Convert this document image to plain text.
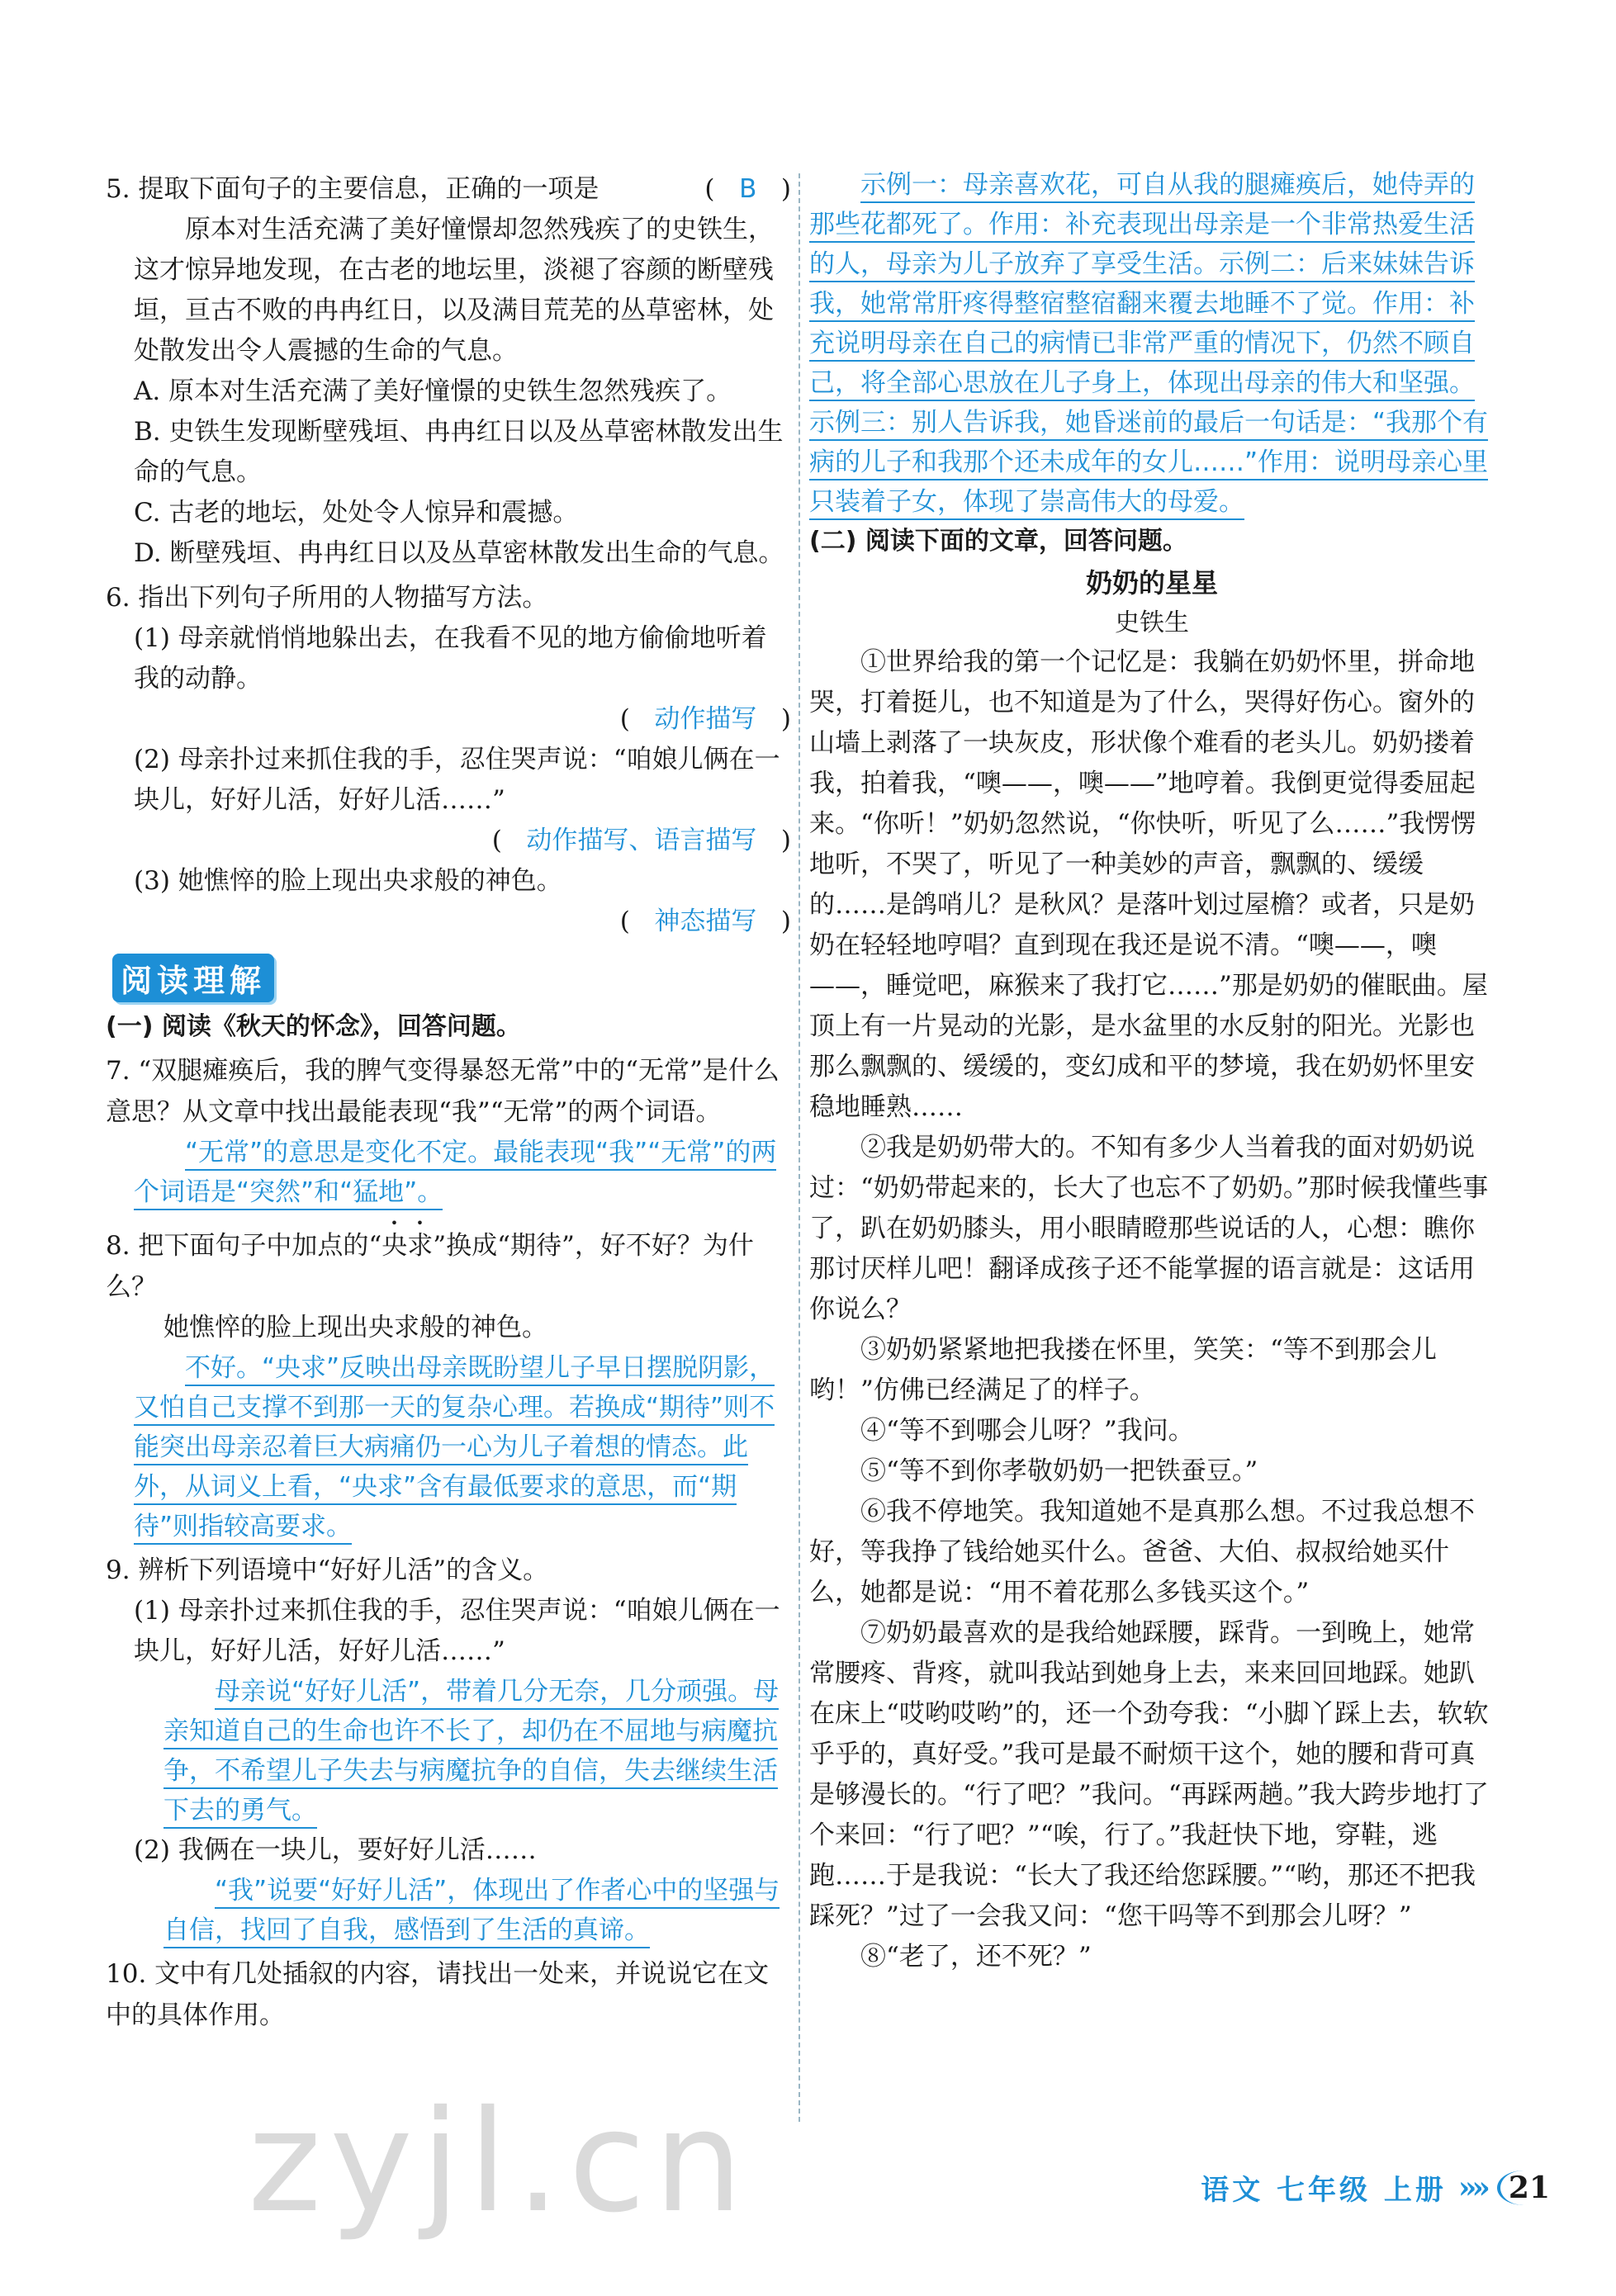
zyjl.cn

5. 提取下面句子的主要信息，正确的一项是	(   B   )

原本对生活充满了美好憧憬却忽然残疾了的史铁生，这才惊异地发现，在古老的地坛里，淡褪了容颜的断壁残垣，亘古不败的冉冉红日，以及满目荒芜的丛草密林，处处散发出令人震撼的生命的气息。

A. 原本对生活充满了美好憧憬的史铁生忽然残疾了。

B. 史铁生发现断壁残垣、冉冉红日以及丛草密林散发出生命的气息。

C. 古老的地坛，处处令人惊异和震撼。

D. 断壁残垣、冉冉红日以及丛草密林散发出生命的气息。

6. 指出下列句子所用的人物描写方法。

(1) 母亲就悄悄地躲出去，在我看不见的地方偷偷地听着我的动静。

(   动作描写   )

(2) 母亲扑过来抓住我的手，忍住哭声说：“咱娘儿俩在一块儿，好好儿活，好好儿活……”

(   动作描写、语言描写   )

(3) 她憔悴的脸上现出央求般的神色。

(   神态描写   )

阅读理解

(一) 阅读《秋天的怀念》，回答问题。

7. “双腿瘫痪后，我的脾气变得暴怒无常”中的“无常”是什么意思？从文章中找出最能表现“我”“无常”的两个词语。

“无常”的意思是变化不定。最能表现“我”“无常”的两个词语是“突然”和“猛地”。

8. 把下面句子中加点的“央求”换成“期待”，好不好？为什么？

她憔悴的脸上现出央求般的神色。

不好。“央求”反映出母亲既盼望儿子早日摆脱阴影，又怕自己支撑不到那一天的复杂心理。若换成“期待”则不能突出母亲忍着巨大病痛仍一心为儿子着想的情态。此外，从词义上看，“央求”含有最低要求的意思，而“期待”则指较高要求。

9. 辨析下列语境中“好好儿活”的含义。

(1) 母亲扑过来抓住我的手，忍住哭声说：“咱娘儿俩在一块儿，好好儿活，好好儿活……”

母亲说“好好儿活”，带着几分无奈，几分顽强。母亲知道自己的生命也许不长了，却仍在不屈地与病魔抗争，不希望儿子失去与病魔抗争的自信，失去继续生活下去的勇气。

(2) 我俩在一块儿，要好好儿活……

“我”说要“好好儿活”，体现出了作者心中的坚强与自信，找回了自我，感悟到了生活的真谛。

10. 文中有几处插叙的内容，请找出一处来，并说说它在文中的具体作用。

示例一：母亲喜欢花，可自从我的腿瘫痪后，她侍弄的那些花都死了。作用：补充表现出母亲是一个非常热爱生活的人，母亲为儿子放弃了享受生活。示例二：后来妹妹告诉我，她常常肝疼得整宿整宿翻来覆去地睡不了觉。作用：补充说明母亲在自己的病情已非常严重的情况下，仍然不顾自己，将全部心思放在儿子身上，体现出母亲的伟大和坚强。示例三：别人告诉我，她昏迷前的最后一句话是：“我那个有病的儿子和我那个还未成年的女儿……”作用：说明母亲心里只装着子女，体现了崇高伟大的母爱。

(二) 阅读下面的文章，回答问题。

奶奶的星星

史铁生

①世界给我的第一个记忆是：我躺在奶奶怀里，拼命地哭，打着挺儿，也不知道是为了什么，哭得好伤心。窗外的山墙上剥落了一块灰皮，形状像个难看的老头儿。奶奶搂着我，拍着我，“噢——，噢——”地哼着。我倒更觉得委屈起来。“你听！”奶奶忽然说，“你快听，听见了么……”我愣愣地听，不哭了，听见了一种美妙的声音，飘飘的、缓缓的……是鸽哨儿？是秋风？是落叶划过屋檐？或者，只是奶奶在轻轻地哼唱？直到现在我还是说不清。“噢——，噢——，睡觉吧，麻猴来了我打它……”那是奶奶的催眠曲。屋顶上有一片晃动的光影，是水盆里的水反射的阳光。光影也那么飘飘的、缓缓的，变幻成和平的梦境，我在奶奶怀里安稳地睡熟……

②我是奶奶带大的。不知有多少人当着我的面对奶奶说过：“奶奶带起来的，长大了也忘不了奶奶。”那时候我懂些事了，趴在奶奶膝头，用小眼睛瞪那些说话的人，心想：瞧你那讨厌样儿吧！翻译成孩子还不能掌握的语言就是：这话用你说么？

③奶奶紧紧地把我搂在怀里，笑笑：“等不到那会儿哟！”仿佛已经满足了的样子。

④“等不到哪会儿呀？”我问。

⑤“等不到你孝敬奶奶一把铁蚕豆。”

⑥我不停地笑。我知道她不是真那么想。不过我总想不好，等我挣了钱给她买什么。爸爸、大伯、叔叔给她买什么，她都是说：“用不着花那么多钱买这个。”

⑦奶奶最喜欢的是我给她踩腰，踩背。一到晚上，她常常腰疼、背疼，就叫我站到她身上去，来来回回地踩。她趴在床上“哎哟哎哟”的，还一个劲夸我：“小脚丫踩上去，软软乎乎的，真好受。”我可是最不耐烦干这个，她的腰和背可真是够漫长的。“行了吧？”我问。“再踩两趟。”我大跨步地打了个来回：“行了吧？”“唉，行了。”我赶快下地，穿鞋，逃跑……于是我说：“长大了我还给您踩腰。”“哟，那还不把我踩死？”过了一会我又问：“您干吗等不到那会儿呀？”

⑧“老了，还不死？”

语文 七年级 上册 »» 21
